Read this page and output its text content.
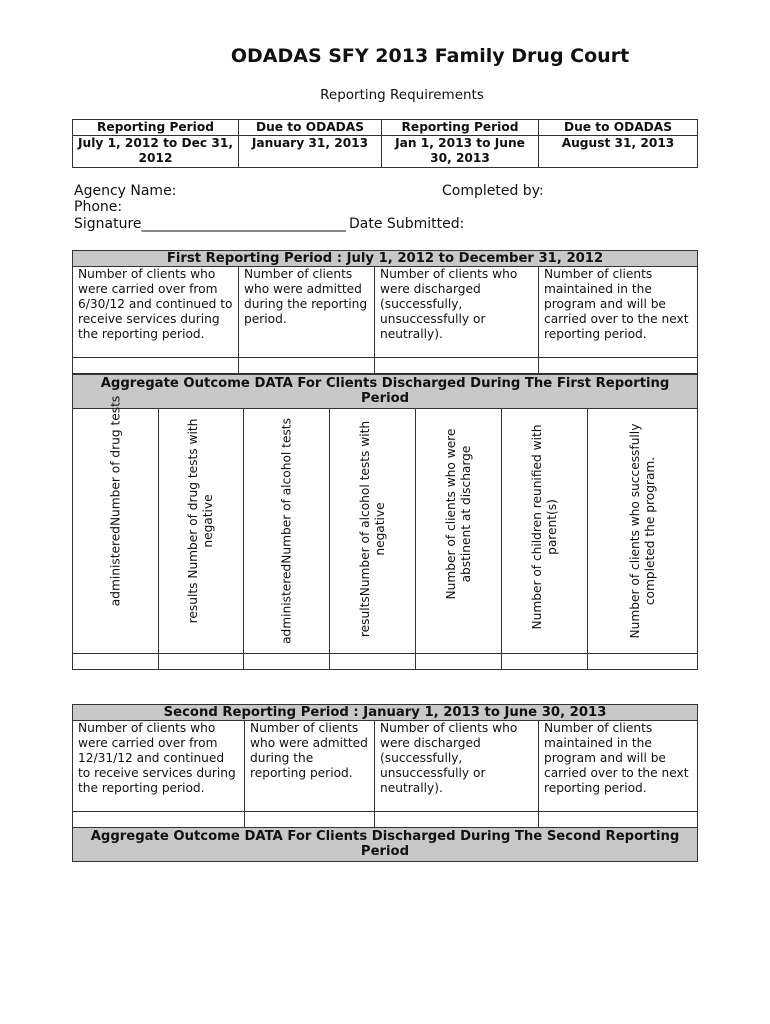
ODADAS SFY 2013 Family Drug Court
Reporting Requirements
Reporting Period	Due to ODADAS	Reporting Period	Due to ODADAS
July 1, 2012 to Dec 31, 2012	January 31, 2013	Jan 1, 2013 to June 30, 2013	August 31, 2013
Agency Name:	Completed by:
Phone:
Signature___________________________________ Date Submitted:
First Reporting Period : July 1, 2012 to December 31, 2012			
Number of clients who were carried over from 6/30/12 and continued to receive services during the reporting period.	Number of clients who were admitted during the reporting period.	Number of clients who were discharged (successfully, unsuccessfully or neutrally).	Number of clients maintained in the program and will be carried over to the next reporting period.

Aggregate Outcome DATA For Clients Discharged During The First Reporting Period						

administeredNumber of drug tests	results Number of drug tests with negative	administeredNumber of alcohol tests	resultsNumber of alcohol tests with negative	Number of clients who were abstinent at discharge	Number of children reunified with parent(s)	Number of clients who successfully completed the program.

Second Reporting Period : January 1, 2013 to June 30, 2013			
Number of clients who were carried over from 12/31/12 and continued to receive services during the reporting period.	Number of clients who were admitted during the reporting period.	Number of clients who were discharged (successfully, unsuccessfully or neutrally).	Number of clients maintained in the program and will be carried over to the next reporting period.

Aggregate Outcome DATA For Clients Discharged During The Second Reporting Period			
